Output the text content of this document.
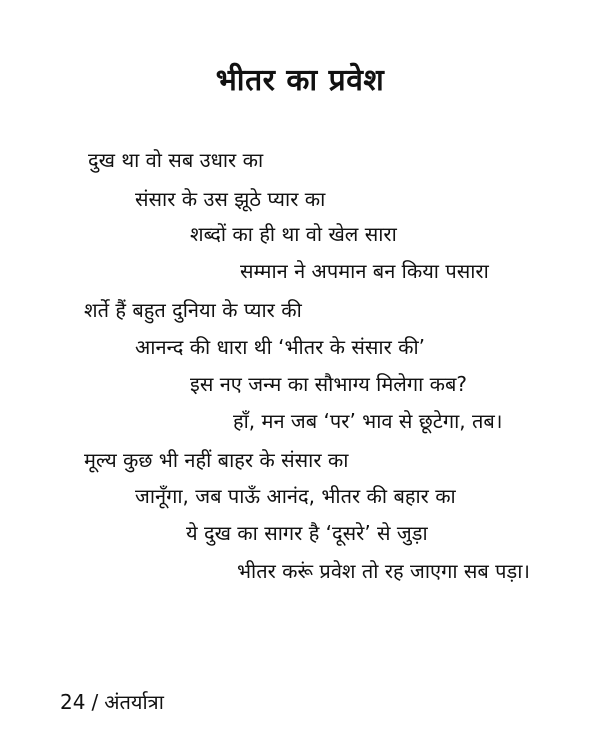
भीतर का प्रवेश
दुख था वो सब उधार का
संसार के उस झूठे प्यार का
शब्दों का ही था वो खेल सारा
सम्मान ने अपमान बन किया पसारा
शर्ते हैं बहुत दुनिया के प्यार की
आनन्द की धारा थी ‘भीतर के संसार की’
इस नए जन्म का सौभाग्य मिलेगा कब?
हाँ, मन जब ‘पर’ भाव से छूटेगा, तब।
मूल्य कुछ भी नहीं बाहर के संसार का
जानूँगा, जब पाऊँ आनंद, भीतर की बहार का
ये दुख का सागर है ‘दूसरे’ से जुड़ा
भीतर करूं प्रवेश तो रह जाएगा सब पड़ा।
24 / अंतर्यात्रा
